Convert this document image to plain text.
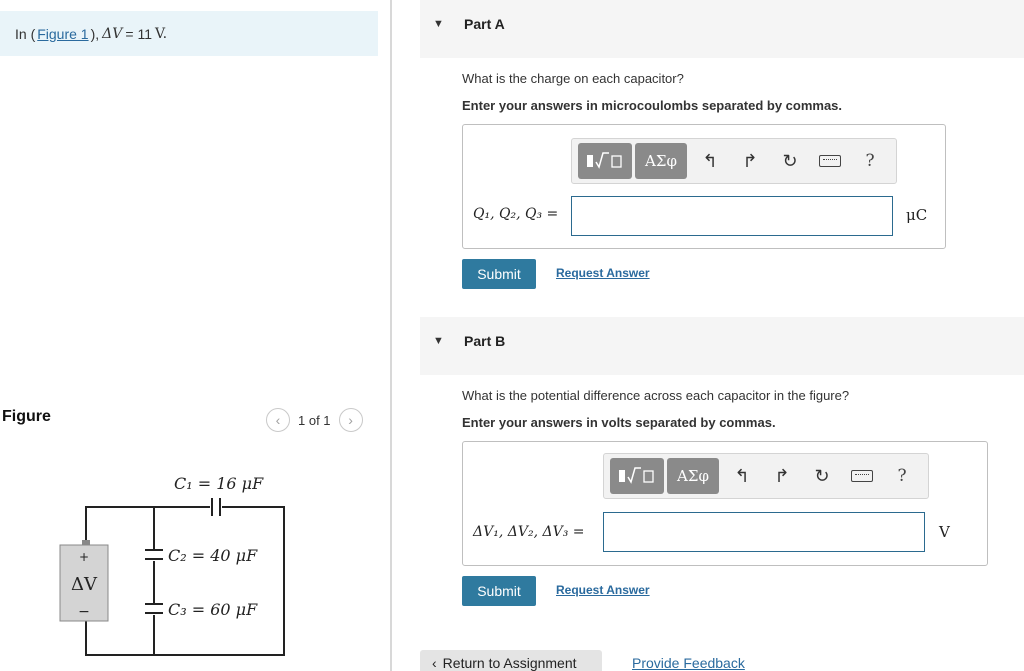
In ( Figure 1 ), ΔV = 11 V.
Figure	‹	1 of 1	›
+
ΔV
−
C₁ = 16 μF
C₂ = 40 μF
C₃ = 60 μF
▼ Part A
What is the charge on each capacitor?
Enter your answers in microcoulombs separated by commas.
ΑΣφ	↰	↱	↻	?
Q₁, Q₂, Q₃ =	μC
Submit	Request Answer
▼ Part B
What is the potential difference across each capacitor in the figure?
Enter your answers in volts separated by commas.
ΑΣφ	↰	↱	↻	?
ΔV₁, ΔV₂, ΔV₃ =	V
Submit	Request Answer
‹ Return to Assignment	Provide Feedback
